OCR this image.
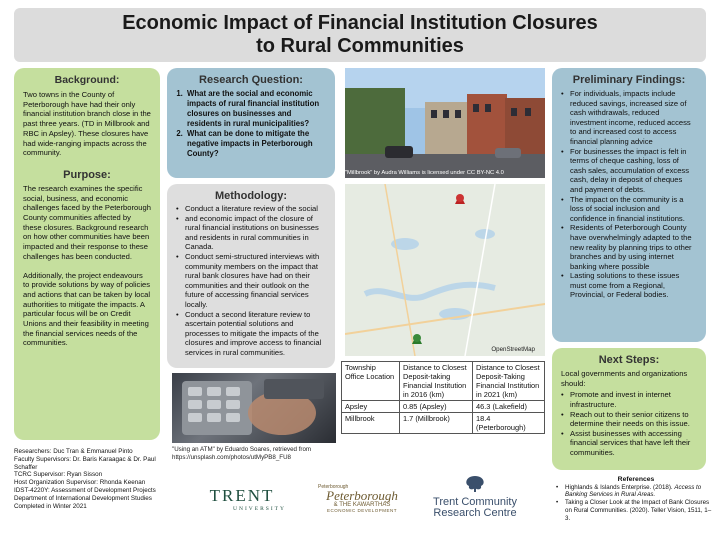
Economic Impact of Financial Institution Closures
to Rural Communities
Background:
Two towns in the County of Peterborough have had their only financial institution branch close in the past three years. (TD in Millbrook and RBC in Apsley). These closures have had wide-ranging impacts across the community.
Purpose:
The research examines the specific social, business, and economic challenges faced by the Peterborough County communities affected by these closures. Background research on how other communities have been impacted and their response to these challenges has been conducted.
Additionally, the project endeavours to provide solutions by way of policies and actions that can be taken by local authorities to mitigate the impacts. A particular focus will be on Credit Unions and their feasibility in meeting the financial services needs of the communities.
Research Question:
1. What are the social and economic impacts of rural financial institution closures on businesses and residents in rural municipalities?
2. What can be done to mitigate the negative impacts in Peterborough County?
Methodology:
• Conduct a literature review of the social
• and economic impact of the closure of rural financial institutions on businesses and residents in rural communities in Canada.
• Conduct semi-structured interviews with community members on the impact that rural bank closures have had on their communities and their outlook on the future of accessing financial services locally.
• Conduct a second literature review to ascertain potential solutions and processes to mitigate the impacts of the closures and improve access to financial services in rural communities.
"Using an ATM" by Eduardo Soares, retrieved from https://unsplash.com/photos/utMyPB8_FU8
"Millbrook" by Audra Williams is licensed under CC BY-NC 4.0
OpenStreetMap
Township Office Location	Distance to Closest Deposit-taking Financial Institution in 2016 (km)	Distance to Closest Deposit-Taking Financial Institution in 2021 (km)
Apsley	0.85 (Apsley)	46.3 (Lakefield)
Millbrook	1.7 (Millbrook)	18.4 (Peterborough)
Preliminary Findings:
• For individuals, impacts include reduced savings, increased size of cash withdrawals, reduced investment income, reduced access to and increased cost to access financial planning advice
• For businesses the impact is felt in terms of cheque cashing, loss of cash sales, accumulation of excess cash, delay in deposit of cheques and payment of debts.
• The impact on the community is a loss of social inclusion and confidence in financial institutions.
• Residents of Peterborough County have overwhelmingly adapted to the new reality by planning trips to other branches and by using internet banking where possible
• Lasting solutions to these issues must come from a Regional, Provincial, or Federal bodies.
Next Steps:
Local governments and organizations should:
• Promote and invest in internet infrastructure.
• Reach out to their senior citizens to determine their needs on this issue.
• Assist businesses with accessing financial services that have left their communities.
Researchers: Duc Tran & Emmanuel Pinto
Faculty Supervisors: Dr. Baris Karaagac & Dr. Paul Schaffer
TCRC Supervisor: Ryan Sisson
Host Organization Supervisor: Rhonda Keenan
IDST-4220Y: Assessment of Development Projects
Department of International Development Studies
Completed in Winter 2021
TRENT
UNIVERSITY
Peterborough
Peterborough
& THE KAWARTHAS
ECONOMIC DEVELOPMENT
Trent Community
Research Centre
References
• Highlands & Islands Enterprise. (2018). Access to Banking Services in Rural Areas.
• Taking a Closer Look at the Impact of Bank Closures on Rural Communities. (2020). Teller Vision, 1511, 1–3.
